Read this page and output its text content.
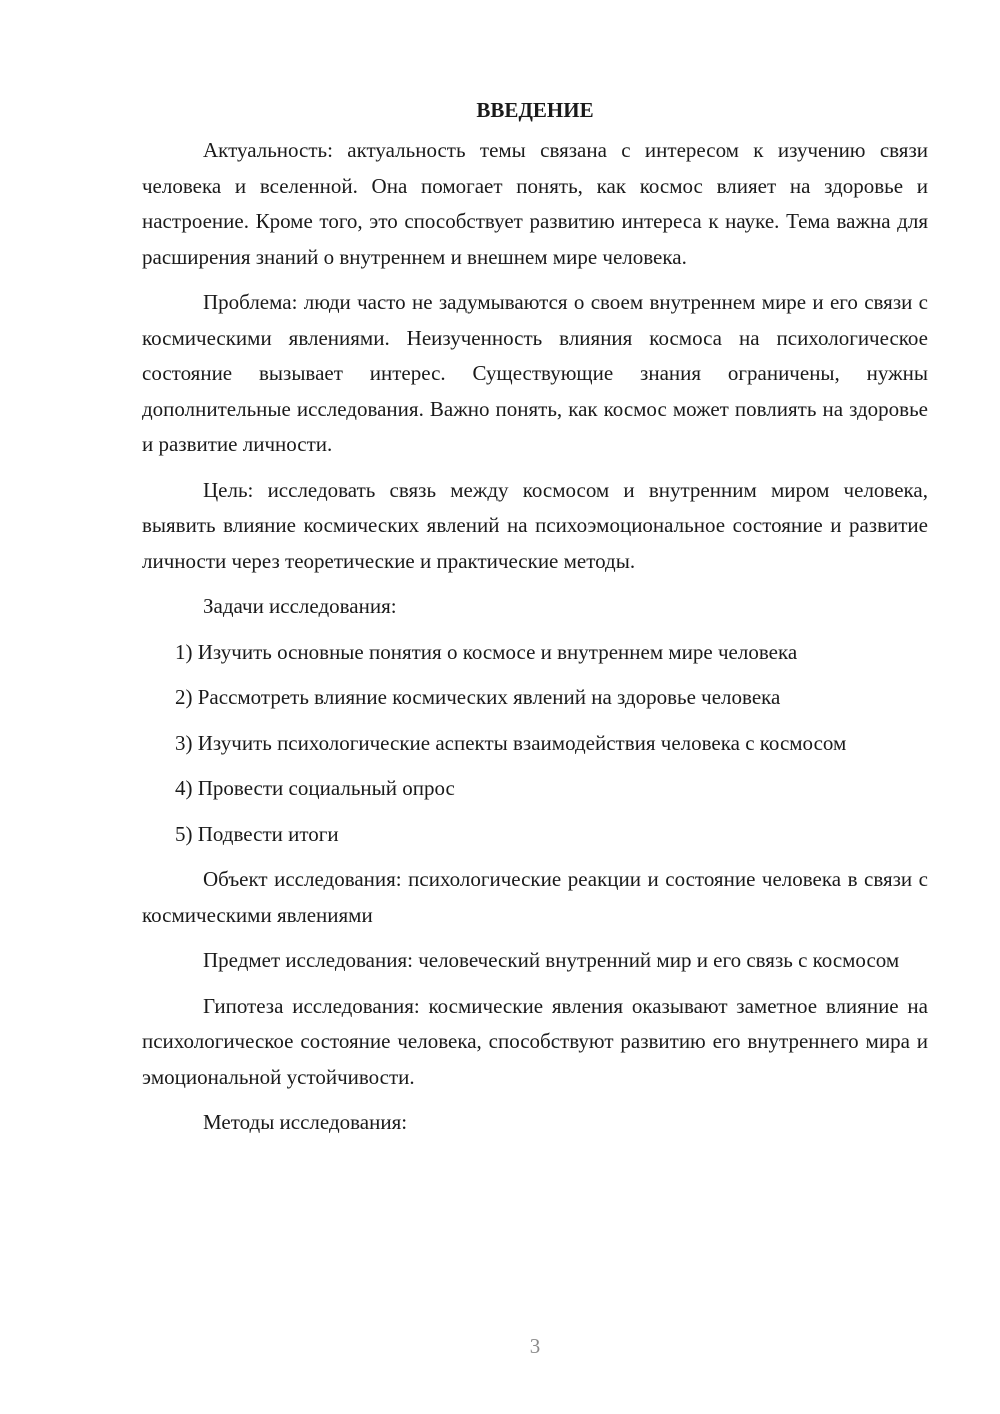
ВВЕДЕНИЕ

Актуальность: актуальность темы связана с интересом к изучению связи человека и вселенной. Она помогает понять, как космос влияет на здоровье и настроение. Кроме того, это способствует развитию интереса к науке. Тема важна для расширения знаний о внутреннем и внешнем мире человека.

Проблема: люди часто не задумываются о своем внутреннем мире и его связи с космическими явлениями. Неизученность влияния космоса на психологическое состояние вызывает интерес. Существующие знания ограничены, нужны дополнительные исследования. Важно понять, как космос может повлиять на здоровье и развитие личности.

Цель: исследовать связь между космосом и внутренним миром человека, выявить влияние космических явлений на психоэмоциональное состояние и развитие личности через теоретические и практические методы.

Задачи исследования:

1) Изучить основные понятия о космосе и внутреннем мире человека

2) Рассмотреть влияние космических явлений на здоровье человека

3) Изучить психологические аспекты взаимодействия человека с космосом

4) Провести социальный опрос

5) Подвести итоги

Объект исследования: психологические реакции и состояние человека в связи с космическими явлениями

Предмет исследования: человеческий внутренний мир и его связь с космосом

Гипотеза исследования: космические явления оказывают заметное влияние на психологическое состояние человека, способствуют развитию его внутреннего мира и эмоциональной устойчивости.

Методы исследования:

3
